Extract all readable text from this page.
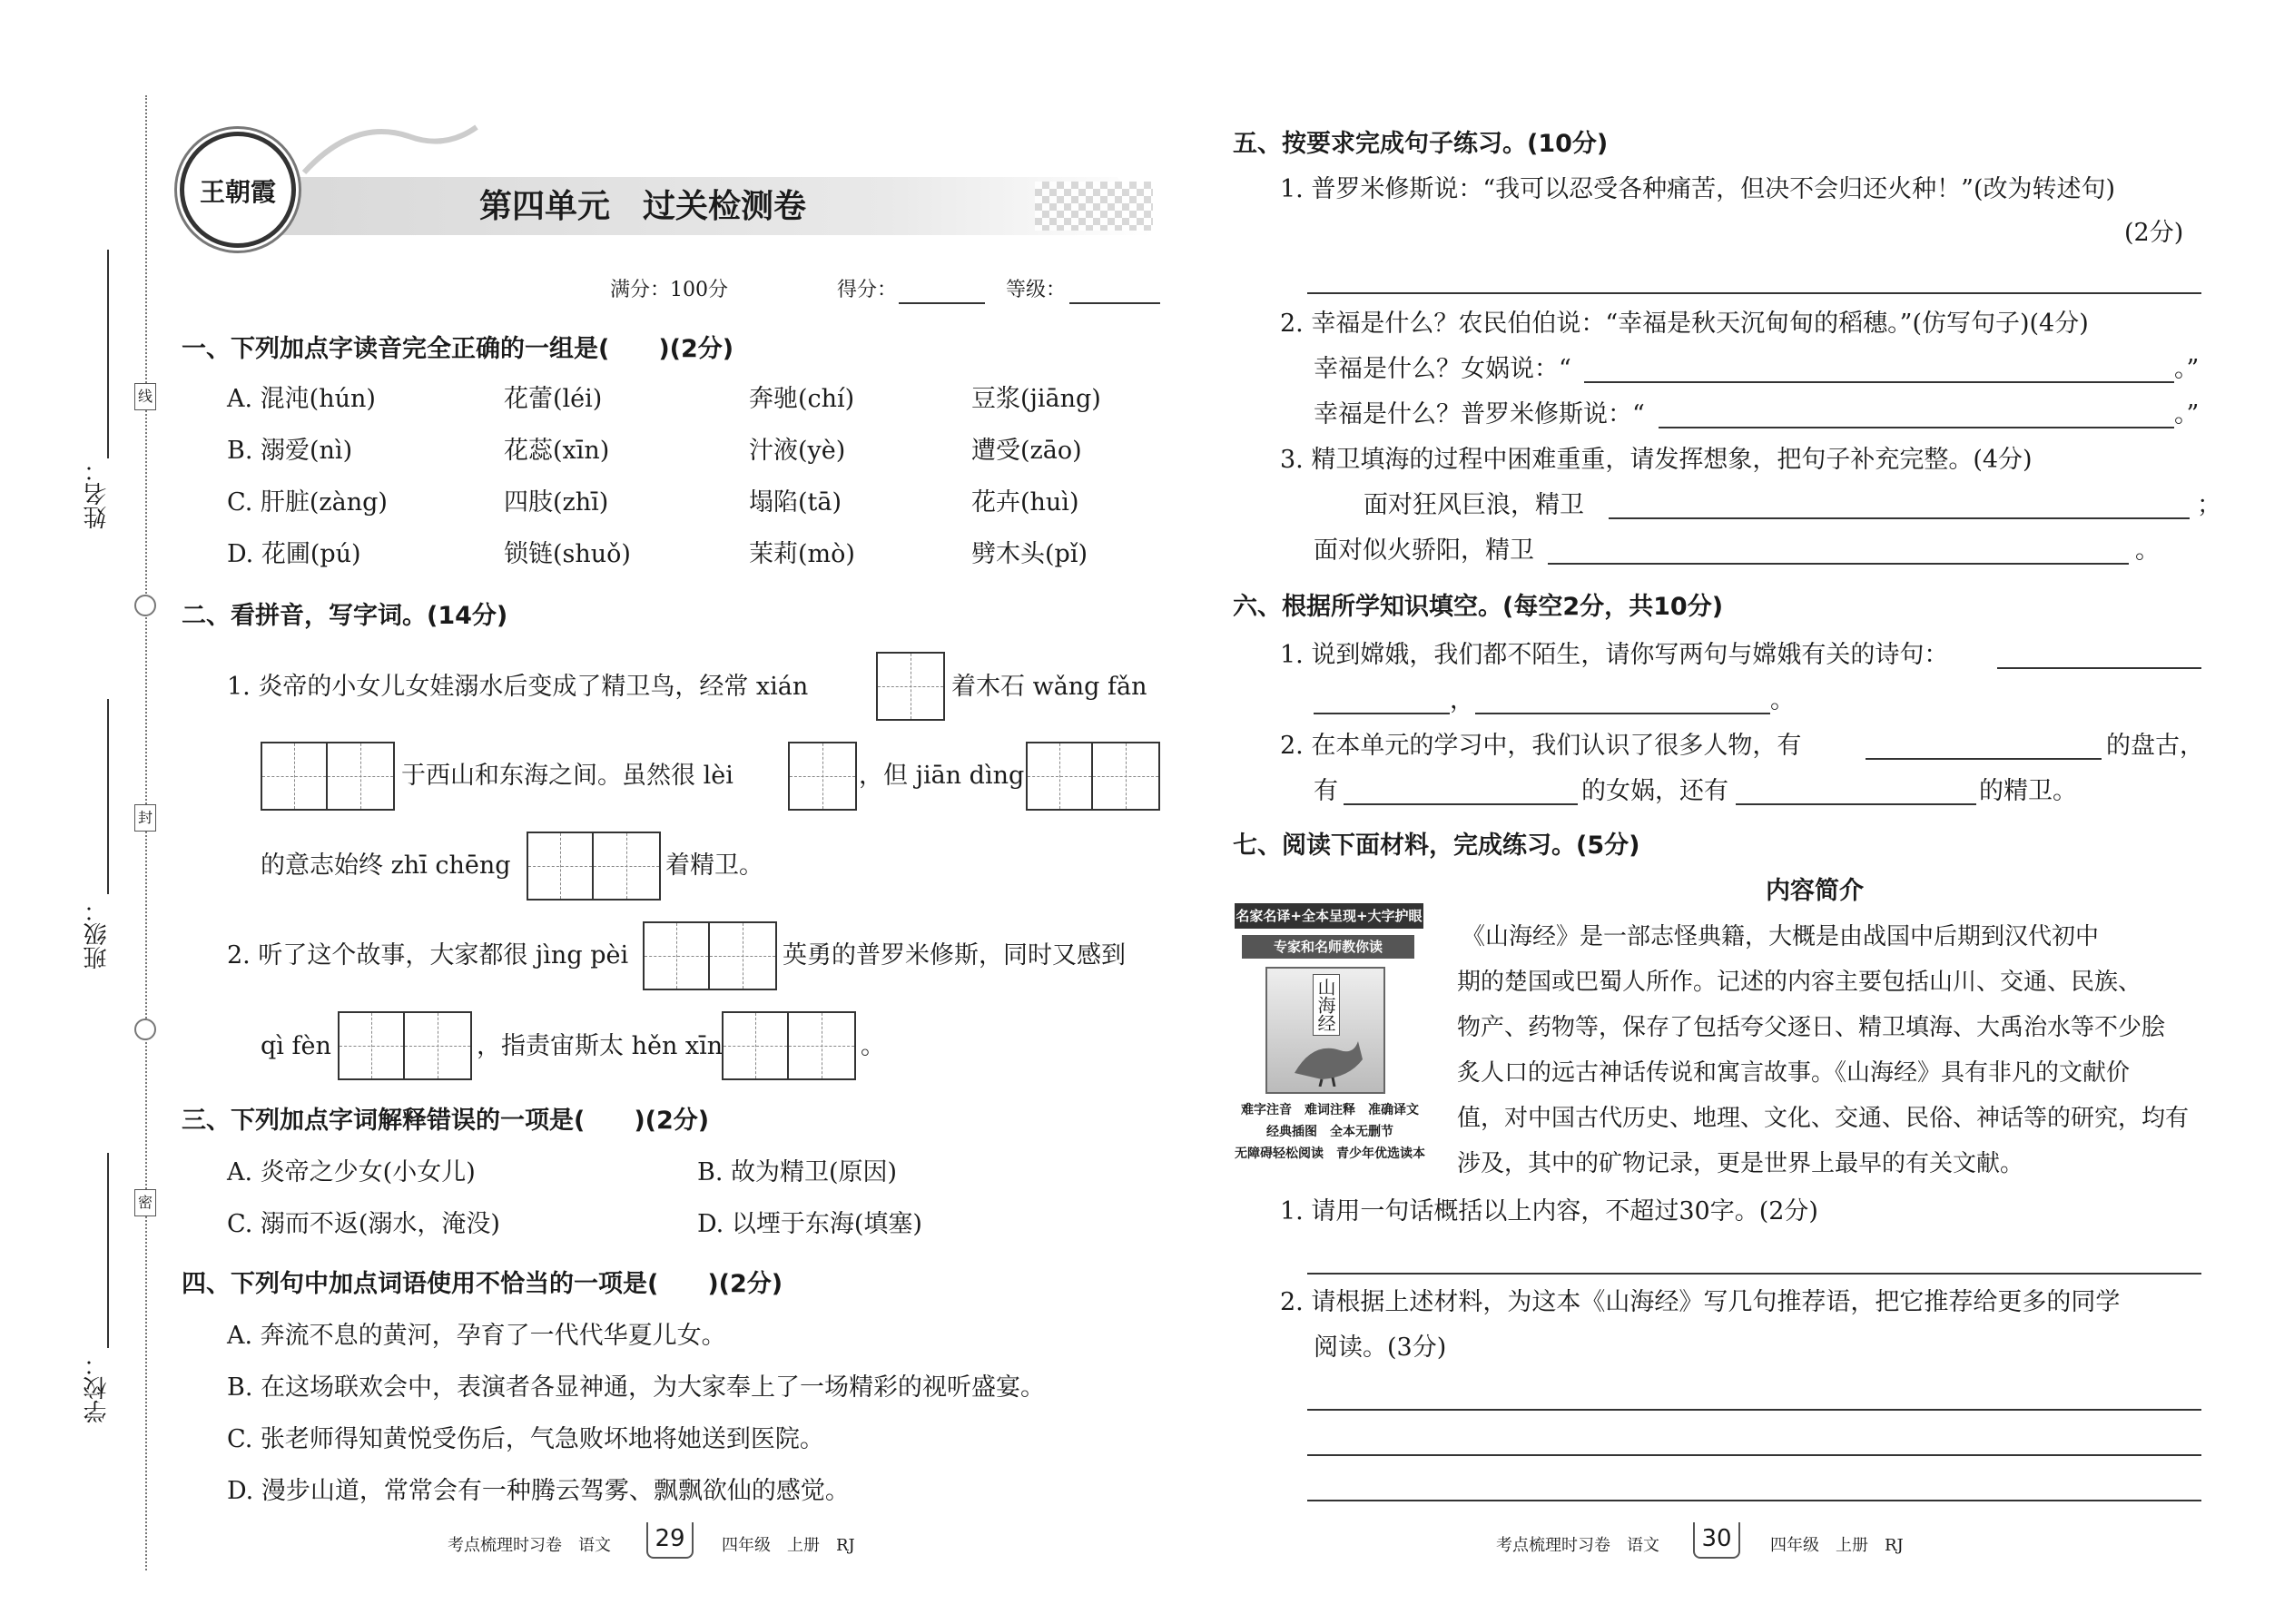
姓名：
班级：
学校：
线
封
密
王朝霞	第四单元　过关检测卷
满分：100分	得分：	等级：
一、下列加点字读音完全正确的一组是(　　)(2分)
A. 混沌(hún)	花蕾(léi)	奔驰(chí)	豆浆(jiāng)
B. 溺爱(nì)	花蕊(xīn)	汁液(yè)	遭受(zāo)
C. 肝脏(zàng)	四肢(zhī)	塌陷(tā)	花卉(huì)
D. 花圃(pú)	锁链(shuǒ)	茉莉(mò)	劈木头(pǐ)
二、看拼音，写字词。(14分)
1. 炎帝的小女儿女娃溺水后变成了精卫鸟，经常 xián	着木石 wǎng fǎn
于西山和东海之间。虽然很 lèi	，但 jiān dìng
的意志始终 zhī chēng	着精卫。
2. 听了这个故事，大家都很 jìng pèi	英勇的普罗米修斯，同时又感到
qì fèn	，指责宙斯太 hěn xīn	。
三、下列加点字词解释错误的一项是(　　)(2分)
A. 炎帝之少女(小女儿)	B. 故为精卫(原因)
C. 溺而不返(溺水，淹没)	D. 以堙于东海(填塞)
四、下列句中加点词语使用不恰当的一项是(　　)(2分)
A. 奔流不息的黄河，孕育了一代代华夏儿女。
B. 在这场联欢会中，表演者各显神通，为大家奉上了一场精彩的视听盛宴。
C. 张老师得知黄悦受伤后，气急败坏地将她送到医院。
D. 漫步山道，常常会有一种腾云驾雾、飘飘欲仙的感觉。
考点梳理时习卷　语文	29	四年级　上册　RJ
五、按要求完成句子练习。(10分)
1. 普罗米修斯说：“我可以忍受各种痛苦，但决不会归还火种！”(改为转述句)
(2分)
2. 幸福是什么？农民伯伯说：“幸福是秋天沉甸甸的稻穗。”(仿写句子)(4分)
幸福是什么？女娲说：“	。”
幸福是什么？普罗米修斯说：“	。”
3. 精卫填海的过程中困难重重，请发挥想象，把句子补充完整。(4分)
面对狂风巨浪，精卫	；
面对似火骄阳，精卫	。
六、根据所学知识填空。(每空2分，共10分)
1. 说到嫦娥，我们都不陌生，请你写两句与嫦娥有关的诗句：
，	。
2. 在本单元的学习中，我们认识了很多人物，有	的盘古，
有	的女娲，还有	的精卫。
七、阅读下面材料，完成练习。(5分)
内容简介
名家名译+全本呈现+大字护眼
专家和名师教你读
山海经
难字注音　难词注释　准确译文
经典插图　全本无删节
无障碍轻松阅读　青少年优选读本
《山海经》是一部志怪典籍，大概是由战国中后期到汉代初中
期的楚国或巴蜀人所作。记述的内容主要包括山川、交通、民族、
物产、药物等，保存了包括夸父逐日、精卫填海、大禹治水等不少脍
炙人口的远古神话传说和寓言故事。《山海经》具有非凡的文献价
值，对中国古代历史、地理、文化、交通、民俗、神话等的研究，均有
涉及，其中的矿物记录，更是世界上最早的有关文献。
1. 请用一句话概括以上内容，不超过30字。(2分)
2. 请根据上述材料，为这本《山海经》写几句推荐语，把它推荐给更多的同学
阅读。(3分)
考点梳理时习卷　语文	30	四年级　上册　RJ
